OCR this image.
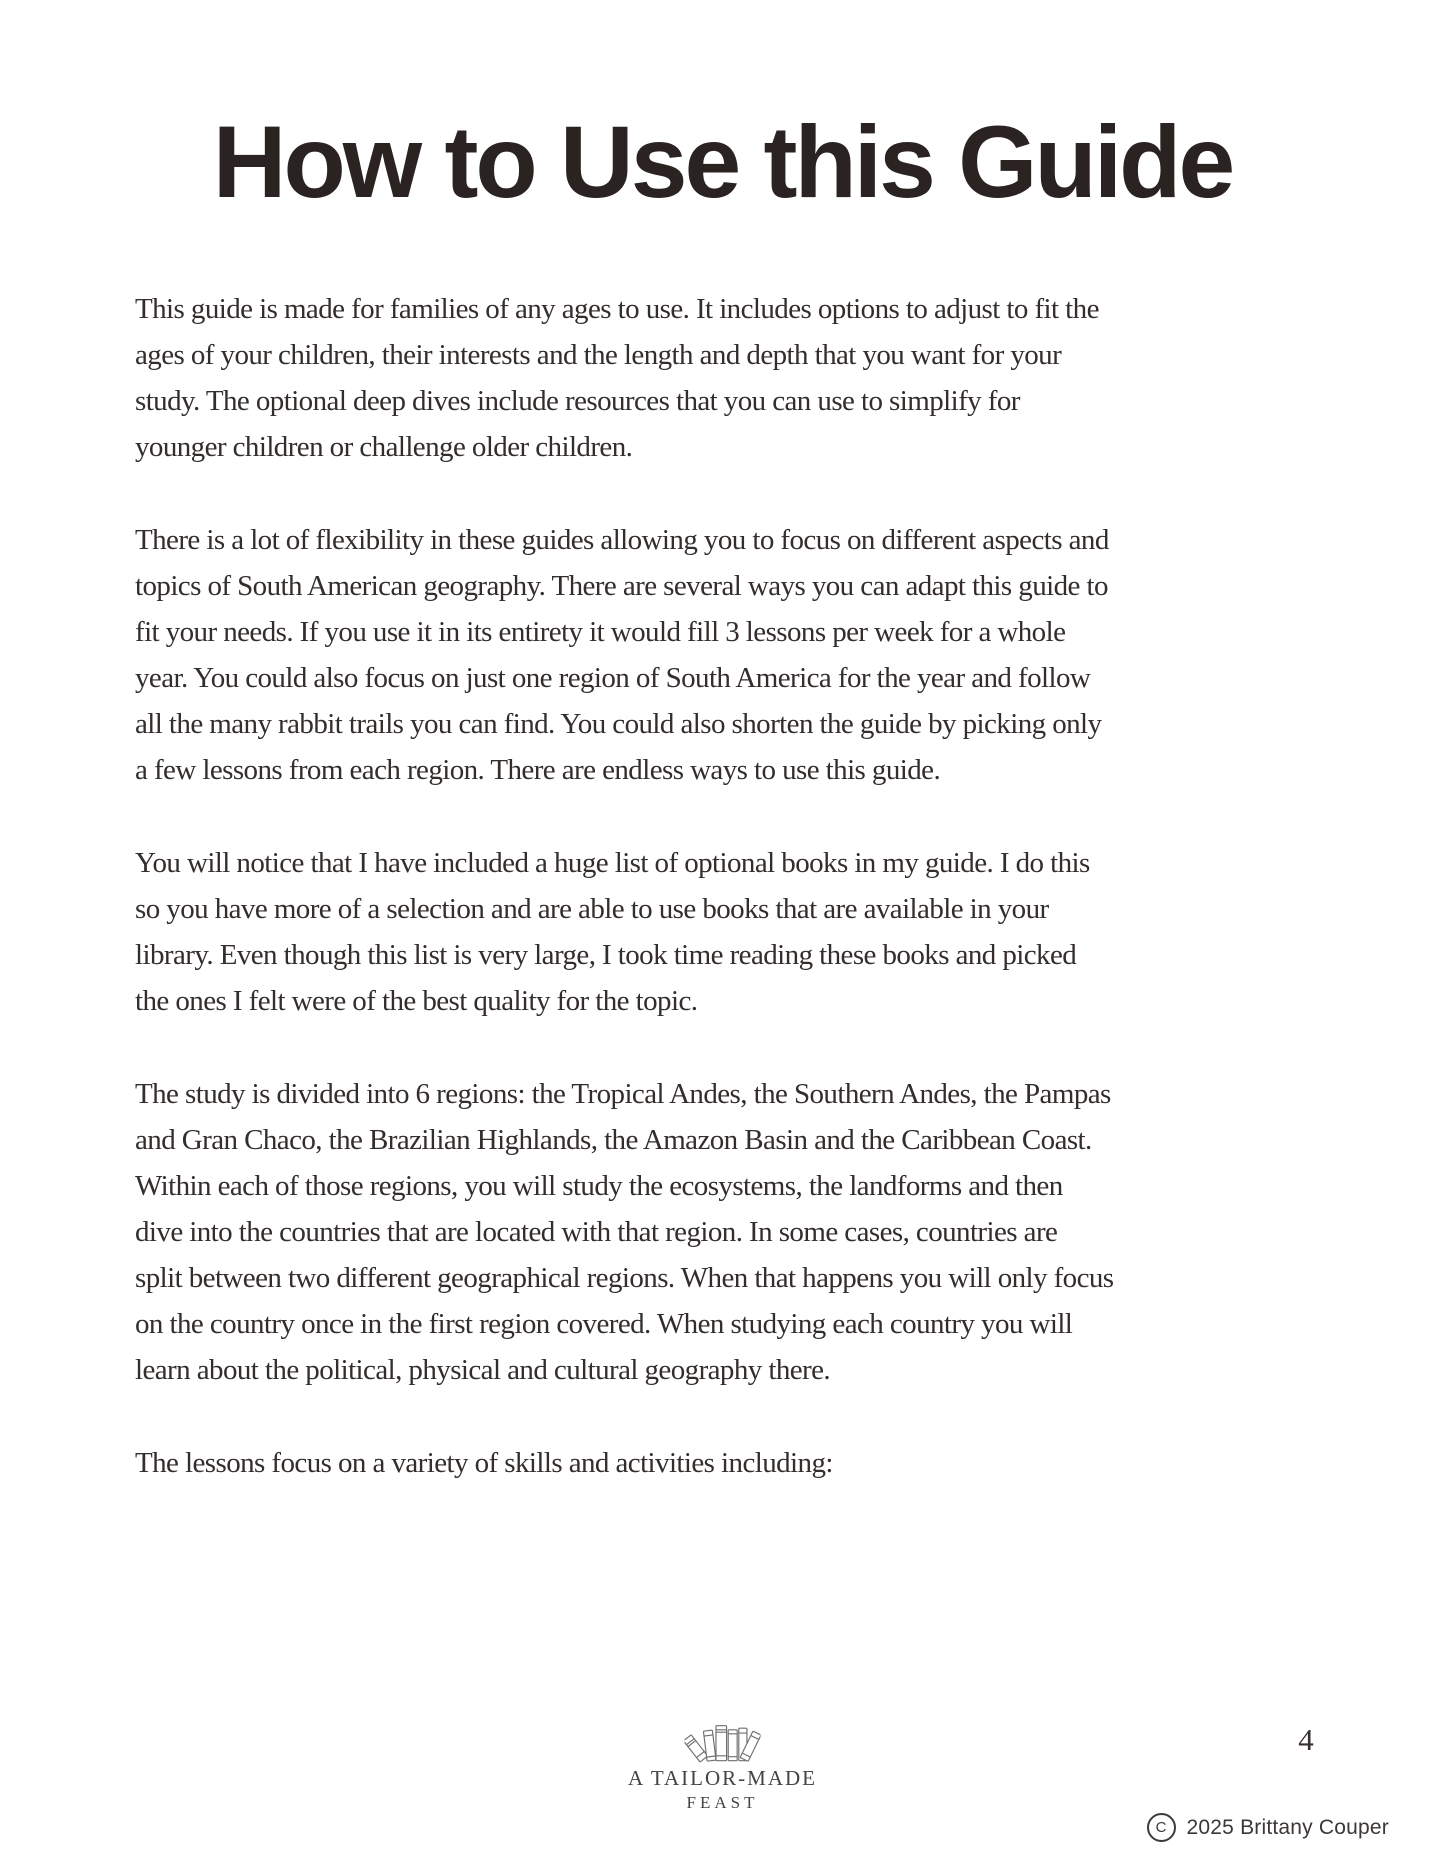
How to Use this Guide

This guide is made for families of any ages to use. It includes options to adjust to fit the
ages of your children, their interests and the length and depth that you want for your
study. The optional deep dives include resources that you can use to simplify for
younger children or challenge older children.

There is a lot of flexibility in these guides allowing you to focus on different aspects and
topics of South American geography. There are several ways you can adapt this guide to
fit your needs. If you use it in its entirety it would fill 3 lessons per week for a whole
year. You could also focus on just one region of South America for the year and follow
all the many rabbit trails you can find. You could also shorten the guide by picking only
a few lessons from each region. There are endless ways to use this guide.

You will notice that I have included a huge list of optional books in my guide. I do this
so you have more of a selection and are able to use books that are available in your
library. Even though this list is very large, I took time reading these books and picked
the ones I felt were of the best quality for the topic.

The study is divided into 6 regions: the Tropical Andes, the Southern Andes, the Pampas
and Gran Chaco, the Brazilian Highlands, the Amazon Basin and the Caribbean Coast.
Within each of those regions, you will study the ecosystems, the landforms and then
dive into the countries that are located with that region. In some cases, countries are
split between two different geographical regions. When that happens you will only focus
on the country once in the first region covered. When studying each country you will
learn about the political, physical and cultural geography there.

The lessons focus on a variety of skills and activities including:

A TAILOR-MADE
FEAST
4
C 2025 Brittany Couper
